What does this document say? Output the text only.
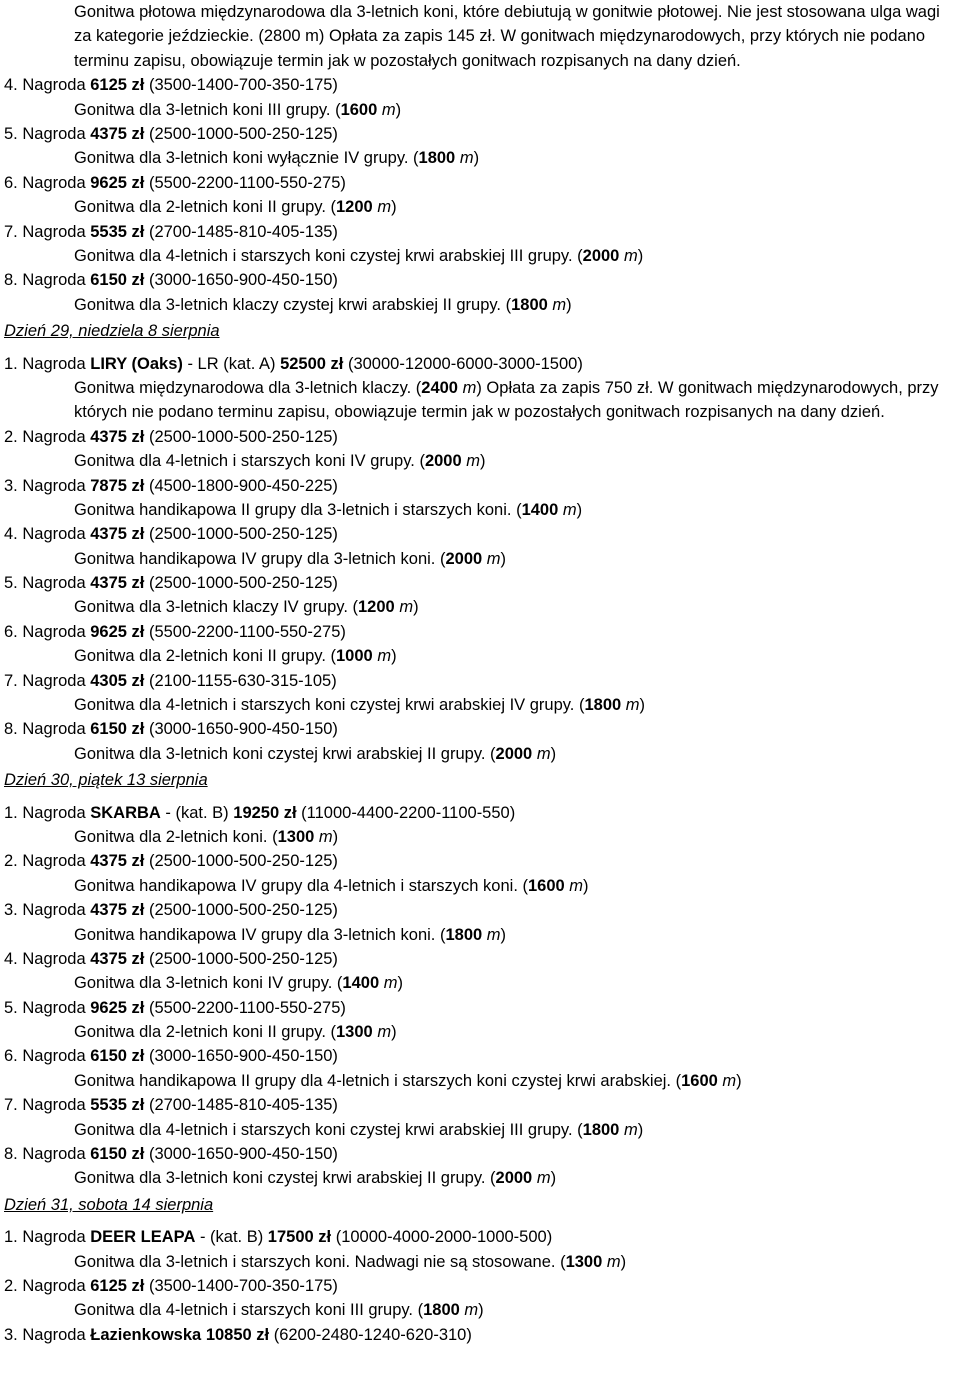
Gonitwa płotowa międzynarodowa dla 3-letnich koni, które debiutują w gonitwie płotowej. Nie jest stosowana ulga wagi za kategorie jeździeckie. (2800 m) Opłata za zapis 145 zł. W gonitwach międzynarodowych, przy których nie podano terminu zapisu, obowiązuje termin jak w pozostałych gonitwach rozpisanych na dany dzień.
4. Nagroda 6125 zł (3500-1400-700-350-175)
Gonitwa dla 3-letnich koni III grupy. (1600 m)
5. Nagroda 4375 zł (2500-1000-500-250-125)
Gonitwa dla 3-letnich koni wyłącznie IV grupy. (1800 m)
6. Nagroda 9625 zł (5500-2200-1100-550-275)
Gonitwa dla 2-letnich koni II grupy. (1200 m)
7. Nagroda 5535 zł (2700-1485-810-405-135)
Gonitwa dla 4-letnich i starszych koni czystej krwi arabskiej III grupy. (2000 m)
8. Nagroda 6150 zł (3000-1650-900-450-150)
Gonitwa dla 3-letnich klaczy czystej krwi arabskiej II grupy. (1800 m)
Dzień 29, niedziela 8 sierpnia
1. Nagroda LIRY (Oaks) - LR (kat. A) 52500 zł (30000-12000-6000-3000-1500)
Gonitwa międzynarodowa dla 3-letnich klaczy. (2400 m) Opłata za zapis 750 zł. W gonitwach międzynarodowych, przy których nie podano terminu zapisu, obowiązuje termin jak w pozostałych gonitwach rozpisanych na dany dzień.
2. Nagroda 4375 zł (2500-1000-500-250-125)
Gonitwa dla 4-letnich i starszych koni IV grupy. (2000 m)
3. Nagroda 7875 zł (4500-1800-900-450-225)
Gonitwa handikapowa II grupy dla 3-letnich i starszych koni. (1400 m)
4. Nagroda 4375 zł (2500-1000-500-250-125)
Gonitwa handikapowa IV grupy dla 3-letnich koni. (2000 m)
5. Nagroda 4375 zł (2500-1000-500-250-125)
Gonitwa dla 3-letnich klaczy IV grupy. (1200 m)
6. Nagroda 9625 zł (5500-2200-1100-550-275)
Gonitwa dla 2-letnich koni II grupy. (1000 m)
7. Nagroda 4305 zł (2100-1155-630-315-105)
Gonitwa dla 4-letnich i starszych koni czystej krwi arabskiej IV grupy. (1800 m)
8. Nagroda 6150 zł (3000-1650-900-450-150)
Gonitwa dla 3-letnich koni czystej krwi arabskiej II grupy. (2000 m)
Dzień 30, piątek 13 sierpnia
1. Nagroda SKARBA - (kat. B) 19250 zł (11000-4400-2200-1100-550)
Gonitwa dla 2-letnich koni. (1300 m)
2. Nagroda 4375 zł (2500-1000-500-250-125)
Gonitwa handikapowa IV grupy dla 4-letnich i starszych koni. (1600 m)
3. Nagroda 4375 zł (2500-1000-500-250-125)
Gonitwa handikapowa IV grupy dla 3-letnich koni. (1800 m)
4. Nagroda 4375 zł (2500-1000-500-250-125)
Gonitwa dla 3-letnich koni IV grupy. (1400 m)
5. Nagroda 9625 zł (5500-2200-1100-550-275)
Gonitwa dla 2-letnich koni II grupy. (1300 m)
6. Nagroda 6150 zł (3000-1650-900-450-150)
Gonitwa handikapowa II grupy dla 4-letnich i starszych koni czystej krwi arabskiej. (1600 m)
7. Nagroda 5535 zł (2700-1485-810-405-135)
Gonitwa dla 4-letnich i starszych koni czystej krwi arabskiej III grupy. (1800 m)
8. Nagroda 6150 zł (3000-1650-900-450-150)
Gonitwa dla 3-letnich koni czystej krwi arabskiej II grupy. (2000 m)
Dzień 31, sobota 14 sierpnia
1. Nagroda DEER LEAPA - (kat. B) 17500 zł (10000-4000-2000-1000-500)
Gonitwa dla 3-letnich i starszych koni. Nadwagi nie są stosowane. (1300 m)
2. Nagroda 6125 zł (3500-1400-700-350-175)
Gonitwa dla 4-letnich i starszych koni III grupy. (1800 m)
3. Nagroda Łazienkowska 10850 zł (6200-2480-1240-620-310)
